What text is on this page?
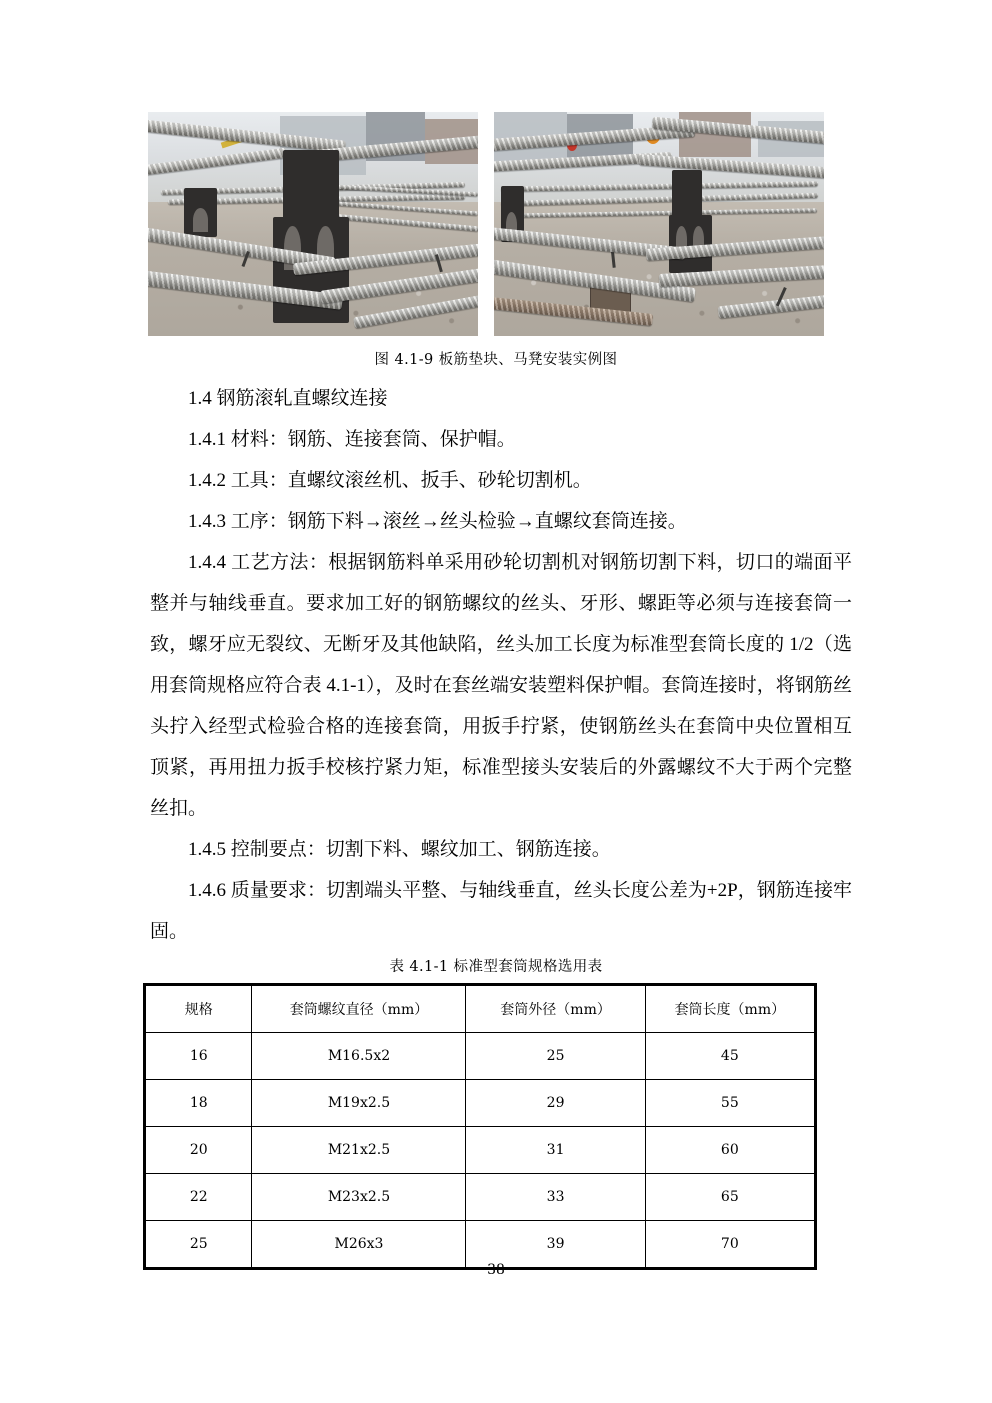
图 4.1-9 板筋垫块、马凳安装实例图

1.4 钢筋滚轧直螺纹连接

1.4.1 材料：钢筋、连接套筒、保护帽。

1.4.2 工具：直螺纹滚丝机、扳手、砂轮切割机。

1.4.3 工序：钢筋下料→滚丝→丝头检验→直螺纹套筒连接。

1.4.4 工艺方法：根据钢筋料单采用砂轮切割机对钢筋切割下料，切口的端面平整并与轴线垂直。要求加工好的钢筋螺纹的丝头、牙形、螺距等必须与连接套筒一致，螺牙应无裂纹、无断牙及其他缺陷，丝头加工长度为标准型套筒长度的 1/2（选用套筒规格应符合表 4.1-1），及时在套丝端安装塑料保护帽。套筒连接时，将钢筋丝头拧入经型式检验合格的连接套筒，用扳手拧紧，使钢筋丝头在套筒中央位置相互顶紧，再用扭力扳手校核拧紧力矩，标准型接头安装后的外露螺纹不大于两个完整丝扣。

1.4.5 控制要点：切割下料、螺纹加工、钢筋连接。

1.4.6 质量要求：切割端头平整、与轴线垂直，丝头长度公差为+2P，钢筋连接牢固。

表 4.1-1 标准型套筒规格选用表
规格	套筒螺纹直径（mm）	套筒外径（mm）	套筒长度（mm）
16	M16.5x2	25	45
18	M19x2.5	29	55
20	M21x2.5	31	60
22	M23x2.5	33	65
25	M26x3	39	70
38
